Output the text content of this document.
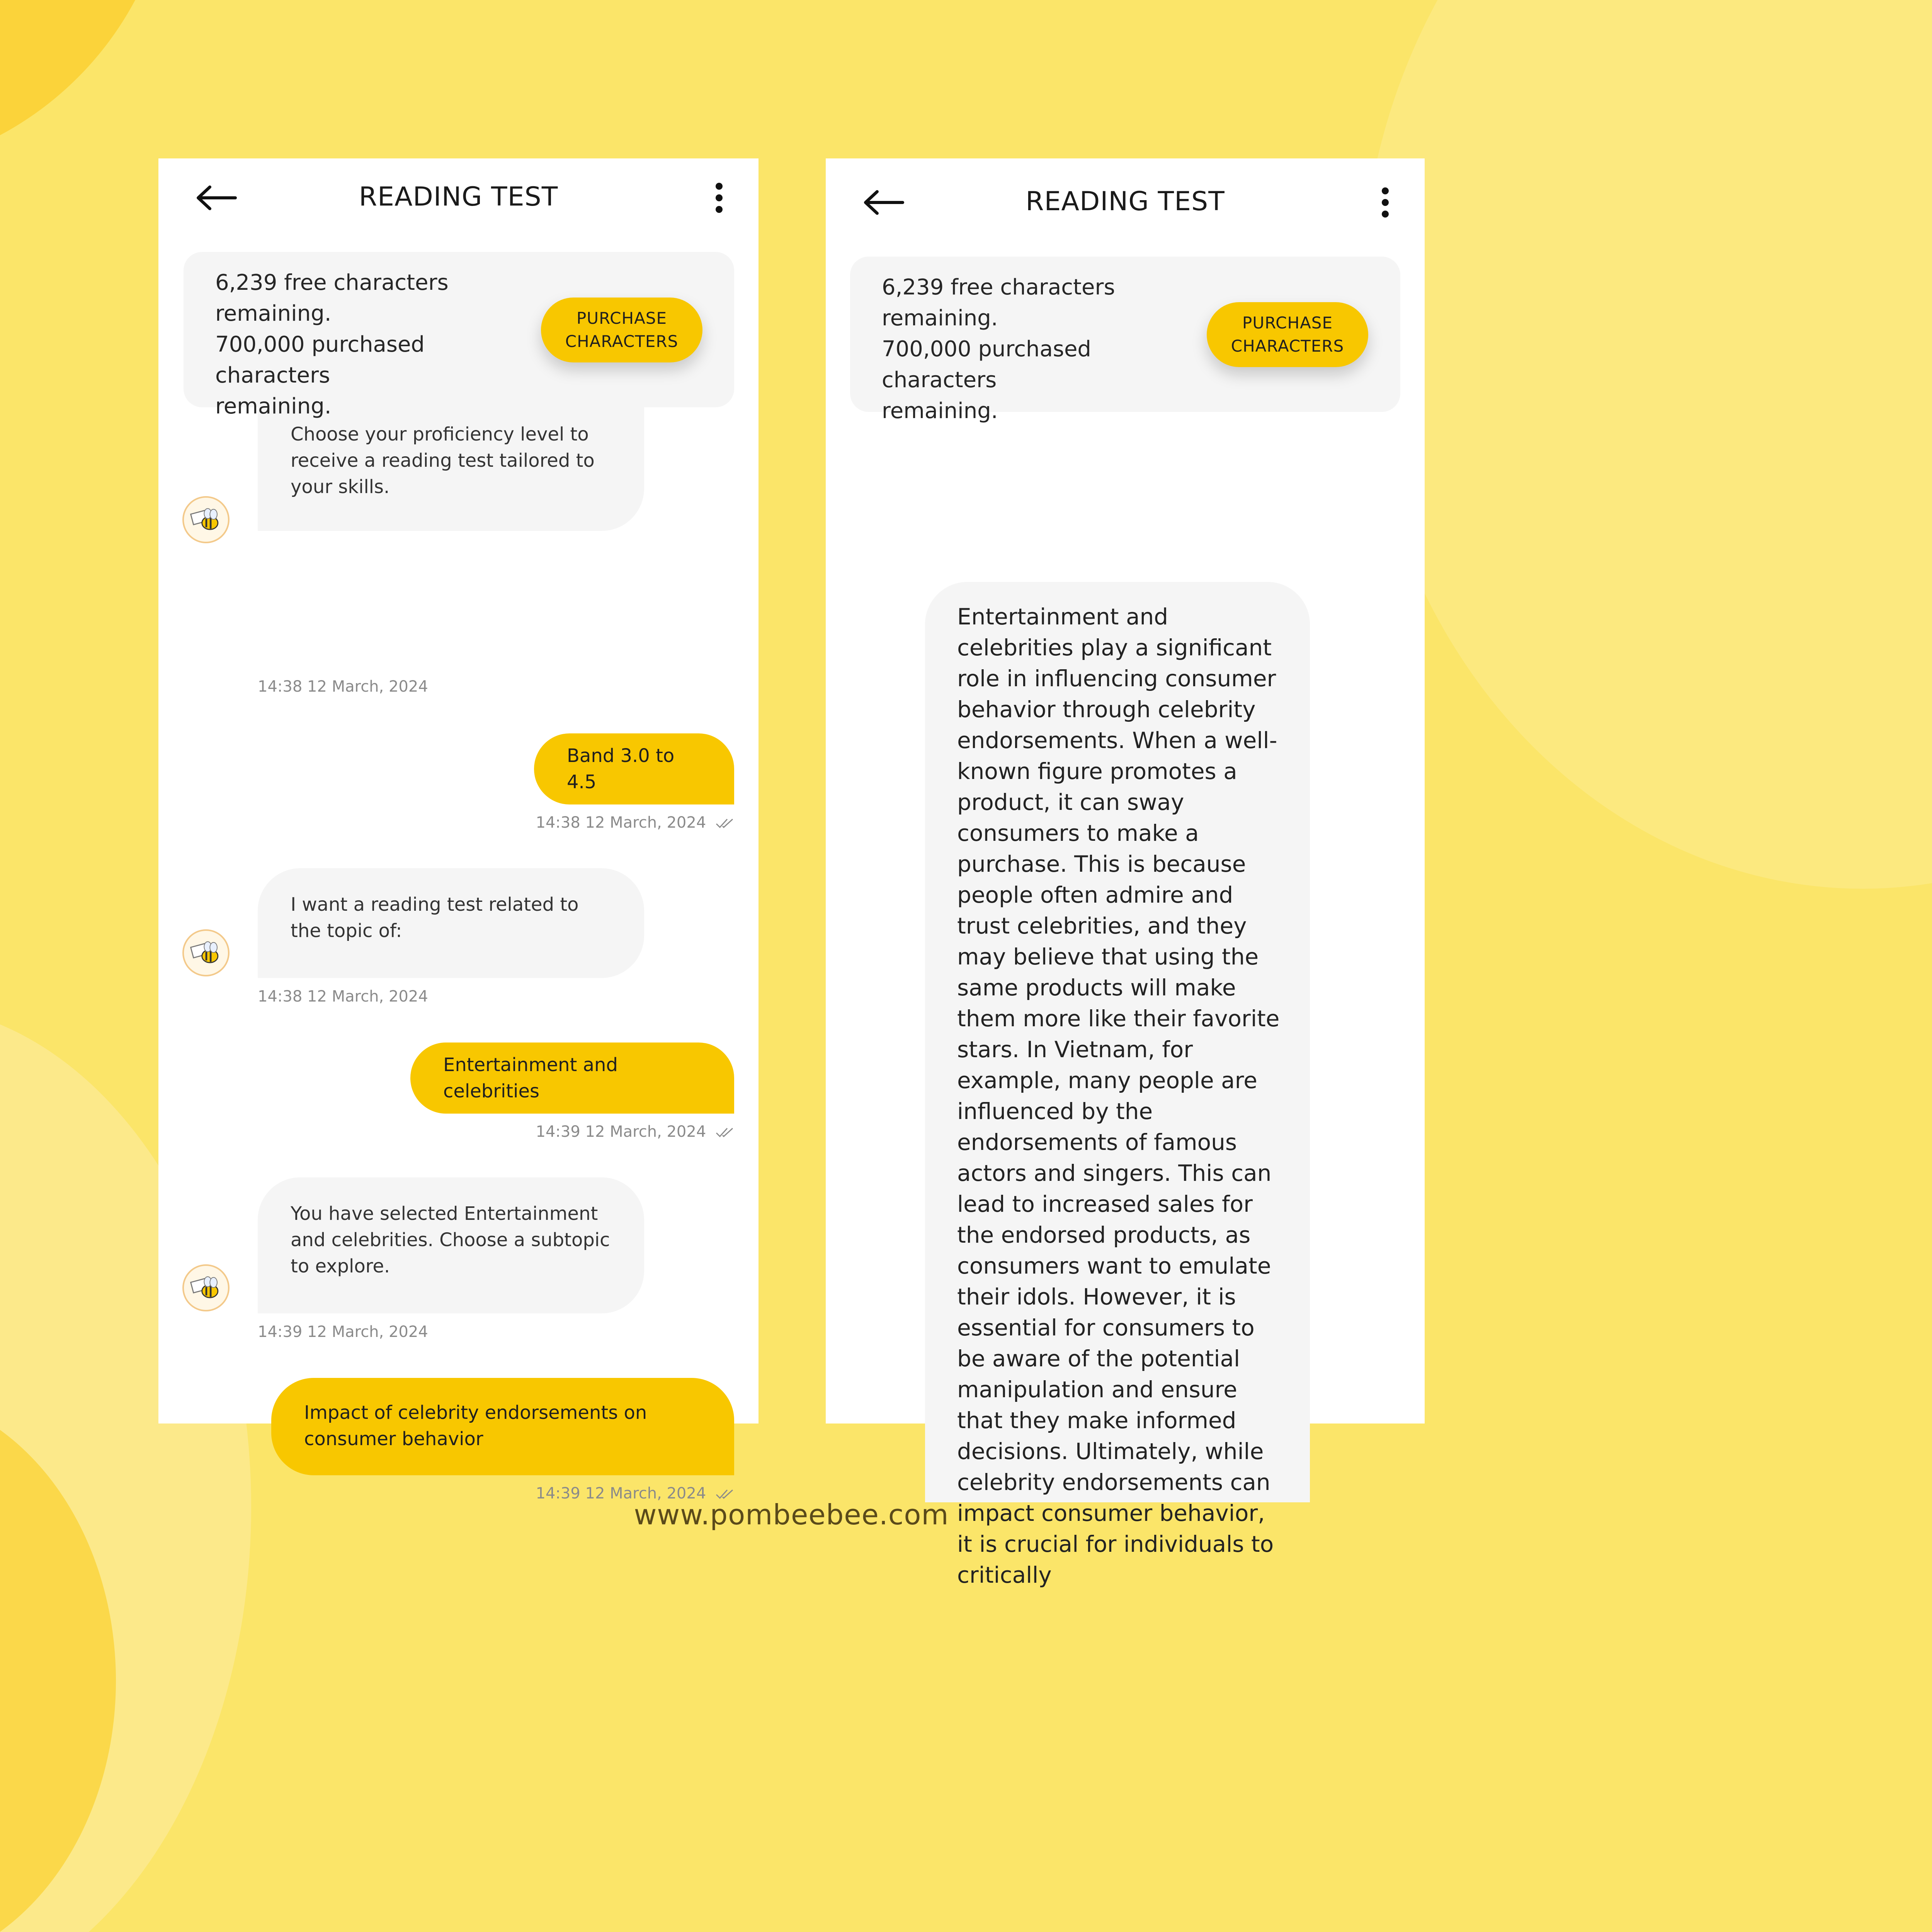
READING TEST
6,239 free characters
remaining.
700,000 purchased characters
remaining.
PURCHASE
CHARACTERS
Choose your proficiency level to receive a reading test tailored to your skills.
14:38 12 March, 2024
Band 3.0 to 4.5
14:38 12 March, 2024
I want a reading test related to the topic of:
14:38 12 March, 2024
Entertainment and celebrities
14:39 12 March, 2024
You have selected Entertainment and celebrities. Choose a subtopic to explore.
14:39 12 March, 2024
Impact of celebrity endorsements on consumer behavior
14:39 12 March, 2024
READING TEST
6,239 free characters
remaining.
700,000 purchased characters
remaining.
PURCHASE
CHARACTERS
Entertainment and celebrities play a significant role in influencing consumer behavior through celebrity endorsements. When a well-known figure promotes a product, it can sway consumers to make a purchase. This is because people often admire and trust celebrities, and they may believe that using the same products will make them more like their favorite stars. In Vietnam, for example, many people are influenced by the endorsements of famous actors and singers. This can lead to increased sales for the endorsed products, as consumers want to emulate their idols. However, it is essential for consumers to be aware of the potential manipulation and ensure that they make informed decisions. Ultimately, while celebrity endorsements can impact consumer behavior, it is crucial for individuals to critically
www.pombeebee.com
